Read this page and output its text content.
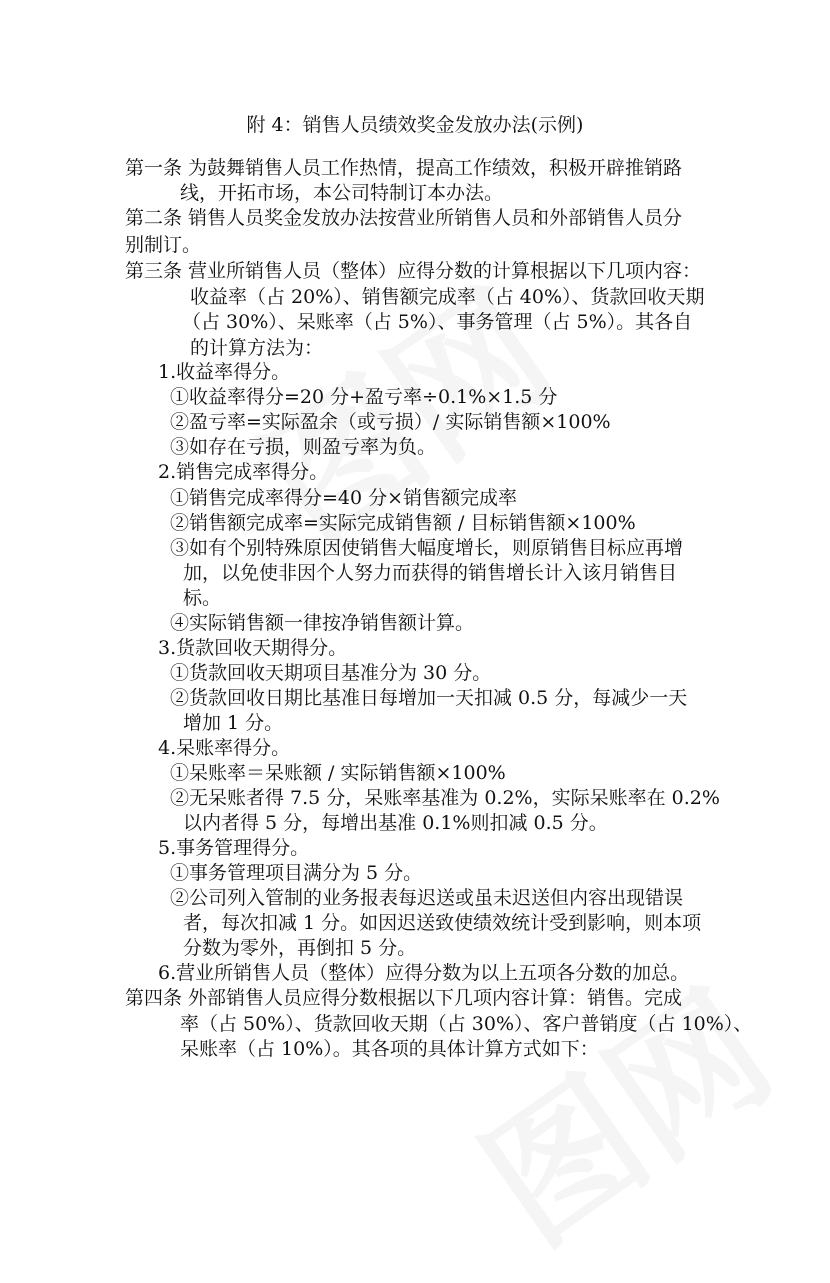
附 4：销售人员绩效奖金发放办法(示例)
第一条 为鼓舞销售人员工作热情，提高工作绩效，积极开辟推销路
线，开拓市场，本公司特制订本办法。
第二条 销售人员奖金发放办法按营业所销售人员和外部销售人员分
别制订。
第三条 营业所销售人员（整体）应得分数的计算根据以下几项内容：
收益率（占 20%）、销售额完成率（占 40%）、货款回收天期
（占 30%）、呆账率（占 5%）、事务管理（占 5%）。其各自
的计算方法为：
1.收益率得分。
①收益率得分=20 分+盈亏率÷0.1%×1.5 分
②盈亏率=实际盈余（或亏损）/ 实际销售额×100%
③如存在亏损，则盈亏率为负。
2.销售完成率得分。
①销售完成率得分=40 分×销售额完成率
②销售额完成率=实际完成销售额 / 目标销售额×100%
③如有个别特殊原因使销售大幅度增长，则原销售目标应再增
加，以免使非因个人努力而获得的销售增长计入该月销售目
标。
④实际销售额一律按净销售额计算。
3.货款回收天期得分。
①货款回收天期项目基准分为 30 分。
②货款回收日期比基准日每增加一天扣减 0.5 分，每减少一天
增加 1 分。
4.呆账率得分。
①呆账率＝呆账额 / 实际销售额×100%
②无呆账者得 7.5 分，呆账率基准为 0.2%，实际呆账率在 0.2%
以内者得 5 分，每增出基准 0.1%则扣减 0.5 分。
5.事务管理得分。
①事务管理项目满分为 5 分。
②公司列入管制的业务报表每迟送或虽未迟送但内容出现错误
者，每次扣减 1 分。如因迟送致使绩效统计受到影响，则本项
分数为零外，再倒扣 5 分。
6.营业所销售人员（整体）应得分数为以上五项各分数的加总。
第四条 外部销售人员应得分数根据以下几项内容计算：销售。完成
率（占 50%）、货款回收天期（占 30%）、客户普销度（占 10%）、
呆账率（占 10%）。其各项的具体计算方式如下：
